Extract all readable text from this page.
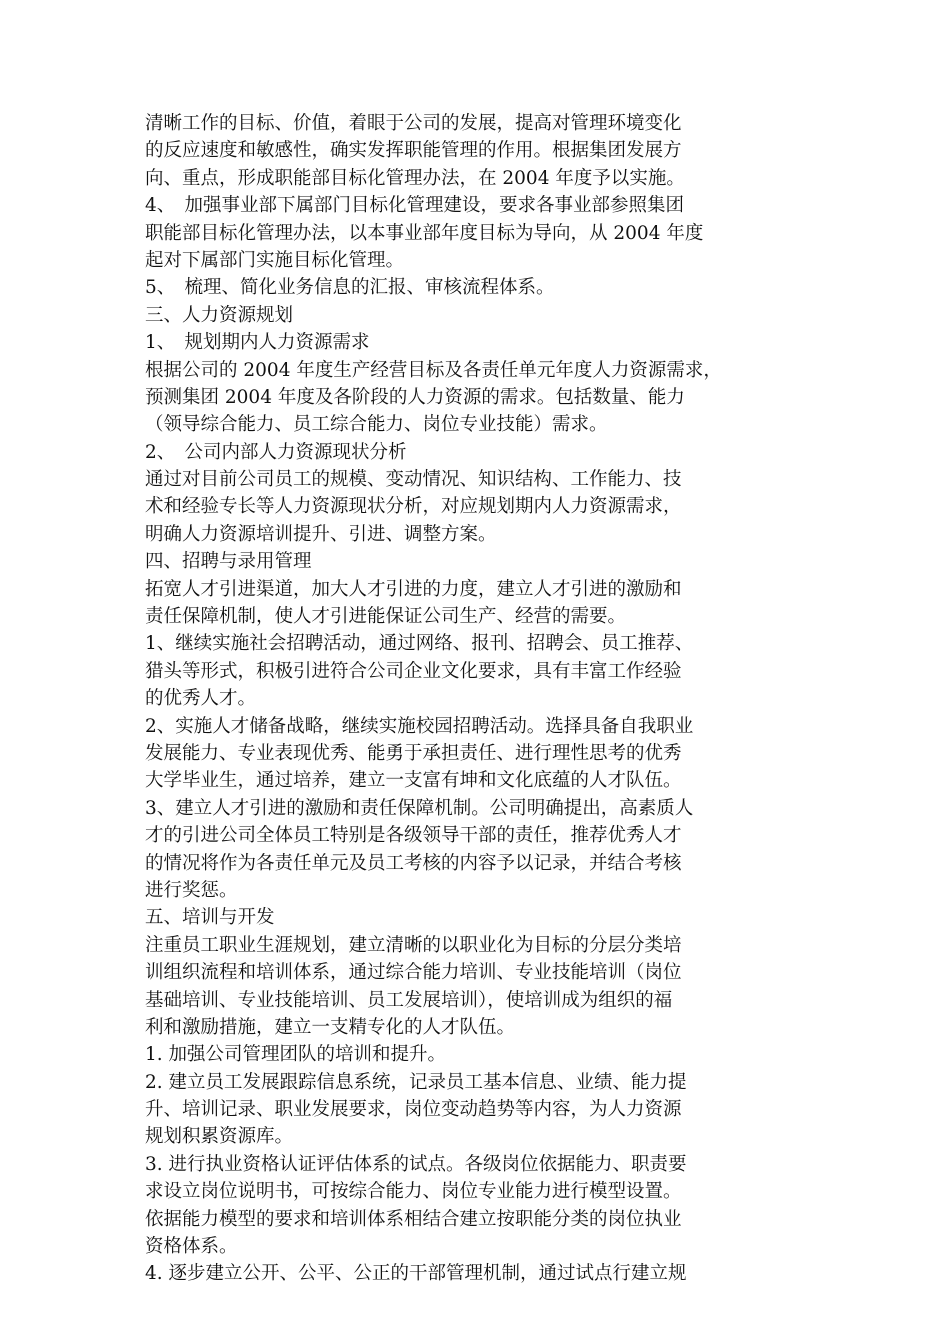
清晰工作的目标、价值，着眼于公司的发展，提高对管理环境变化
的反应速度和敏感性，确实发挥职能管理的作用。根据集团发展方
向、重点，形成职能部目标化管理办法，在 2004 年度予以实施。
4、　加强事业部下属部门目标化管理建设，要求各事业部参照集团
职能部目标化管理办法，以本事业部年度目标为导向，从 2004 年度
起对下属部门实施目标化管理。
5、　梳理、简化业务信息的汇报、审核流程体系。
三、人力资源规划
1、　规划期内人力资源需求
根据公司的 2004 年度生产经营目标及各责任单元年度人力资源需求，
预测集团 2004 年度及各阶段的人力资源的需求。包括数量、能力
（领导综合能力、员工综合能力、岗位专业技能）需求。
2、　公司内部人力资源现状分析
通过对目前公司员工的规模、变动情况、知识结构、工作能力、技
术和经验专长等人力资源现状分析，对应规划期内人力资源需求，
明确人力资源培训提升、引进、调整方案。
四、招聘与录用管理
拓宽人才引进渠道，加大人才引进的力度，建立人才引进的激励和
责任保障机制，使人才引进能保证公司生产、经营的需要。
1、继续实施社会招聘活动，通过网络、报刊、招聘会、员工推荐、
猎头等形式，积极引进符合公司企业文化要求，具有丰富工作经验
的优秀人才。
2、实施人才储备战略，继续实施校园招聘活动。选择具备自我职业
发展能力、专业表现优秀、能勇于承担责任、进行理性思考的优秀
大学毕业生，通过培养，建立一支富有坤和文化底蕴的人才队伍。
3、建立人才引进的激励和责任保障机制。公司明确提出，高素质人
才的引进公司全体员工特别是各级领导干部的责任，推荐优秀人才
的情况将作为各责任单元及员工考核的内容予以记录，并结合考核
进行奖惩。
五、培训与开发
注重员工职业生涯规划，建立清晰的以职业化为目标的分层分类培
训组织流程和培训体系，通过综合能力培训、专业技能培训（岗位
基础培训、专业技能培训、员工发展培训），使培训成为组织的福
利和激励措施，建立一支精专化的人才队伍。
1. 加强公司管理团队的培训和提升。
2. 建立员工发展跟踪信息系统，记录员工基本信息、业绩、能力提
升、培训记录、职业发展要求，岗位变动趋势等内容，为人力资源
规划积累资源库。
3. 进行执业资格认证评估体系的试点。各级岗位依据能力、职责要
求设立岗位说明书，可按综合能力、岗位专业能力进行模型设置。
依据能力模型的要求和培训体系相结合建立按职能分类的岗位执业
资格体系。
4. 逐步建立公开、公平、公正的干部管理机制，通过试点行建立规
